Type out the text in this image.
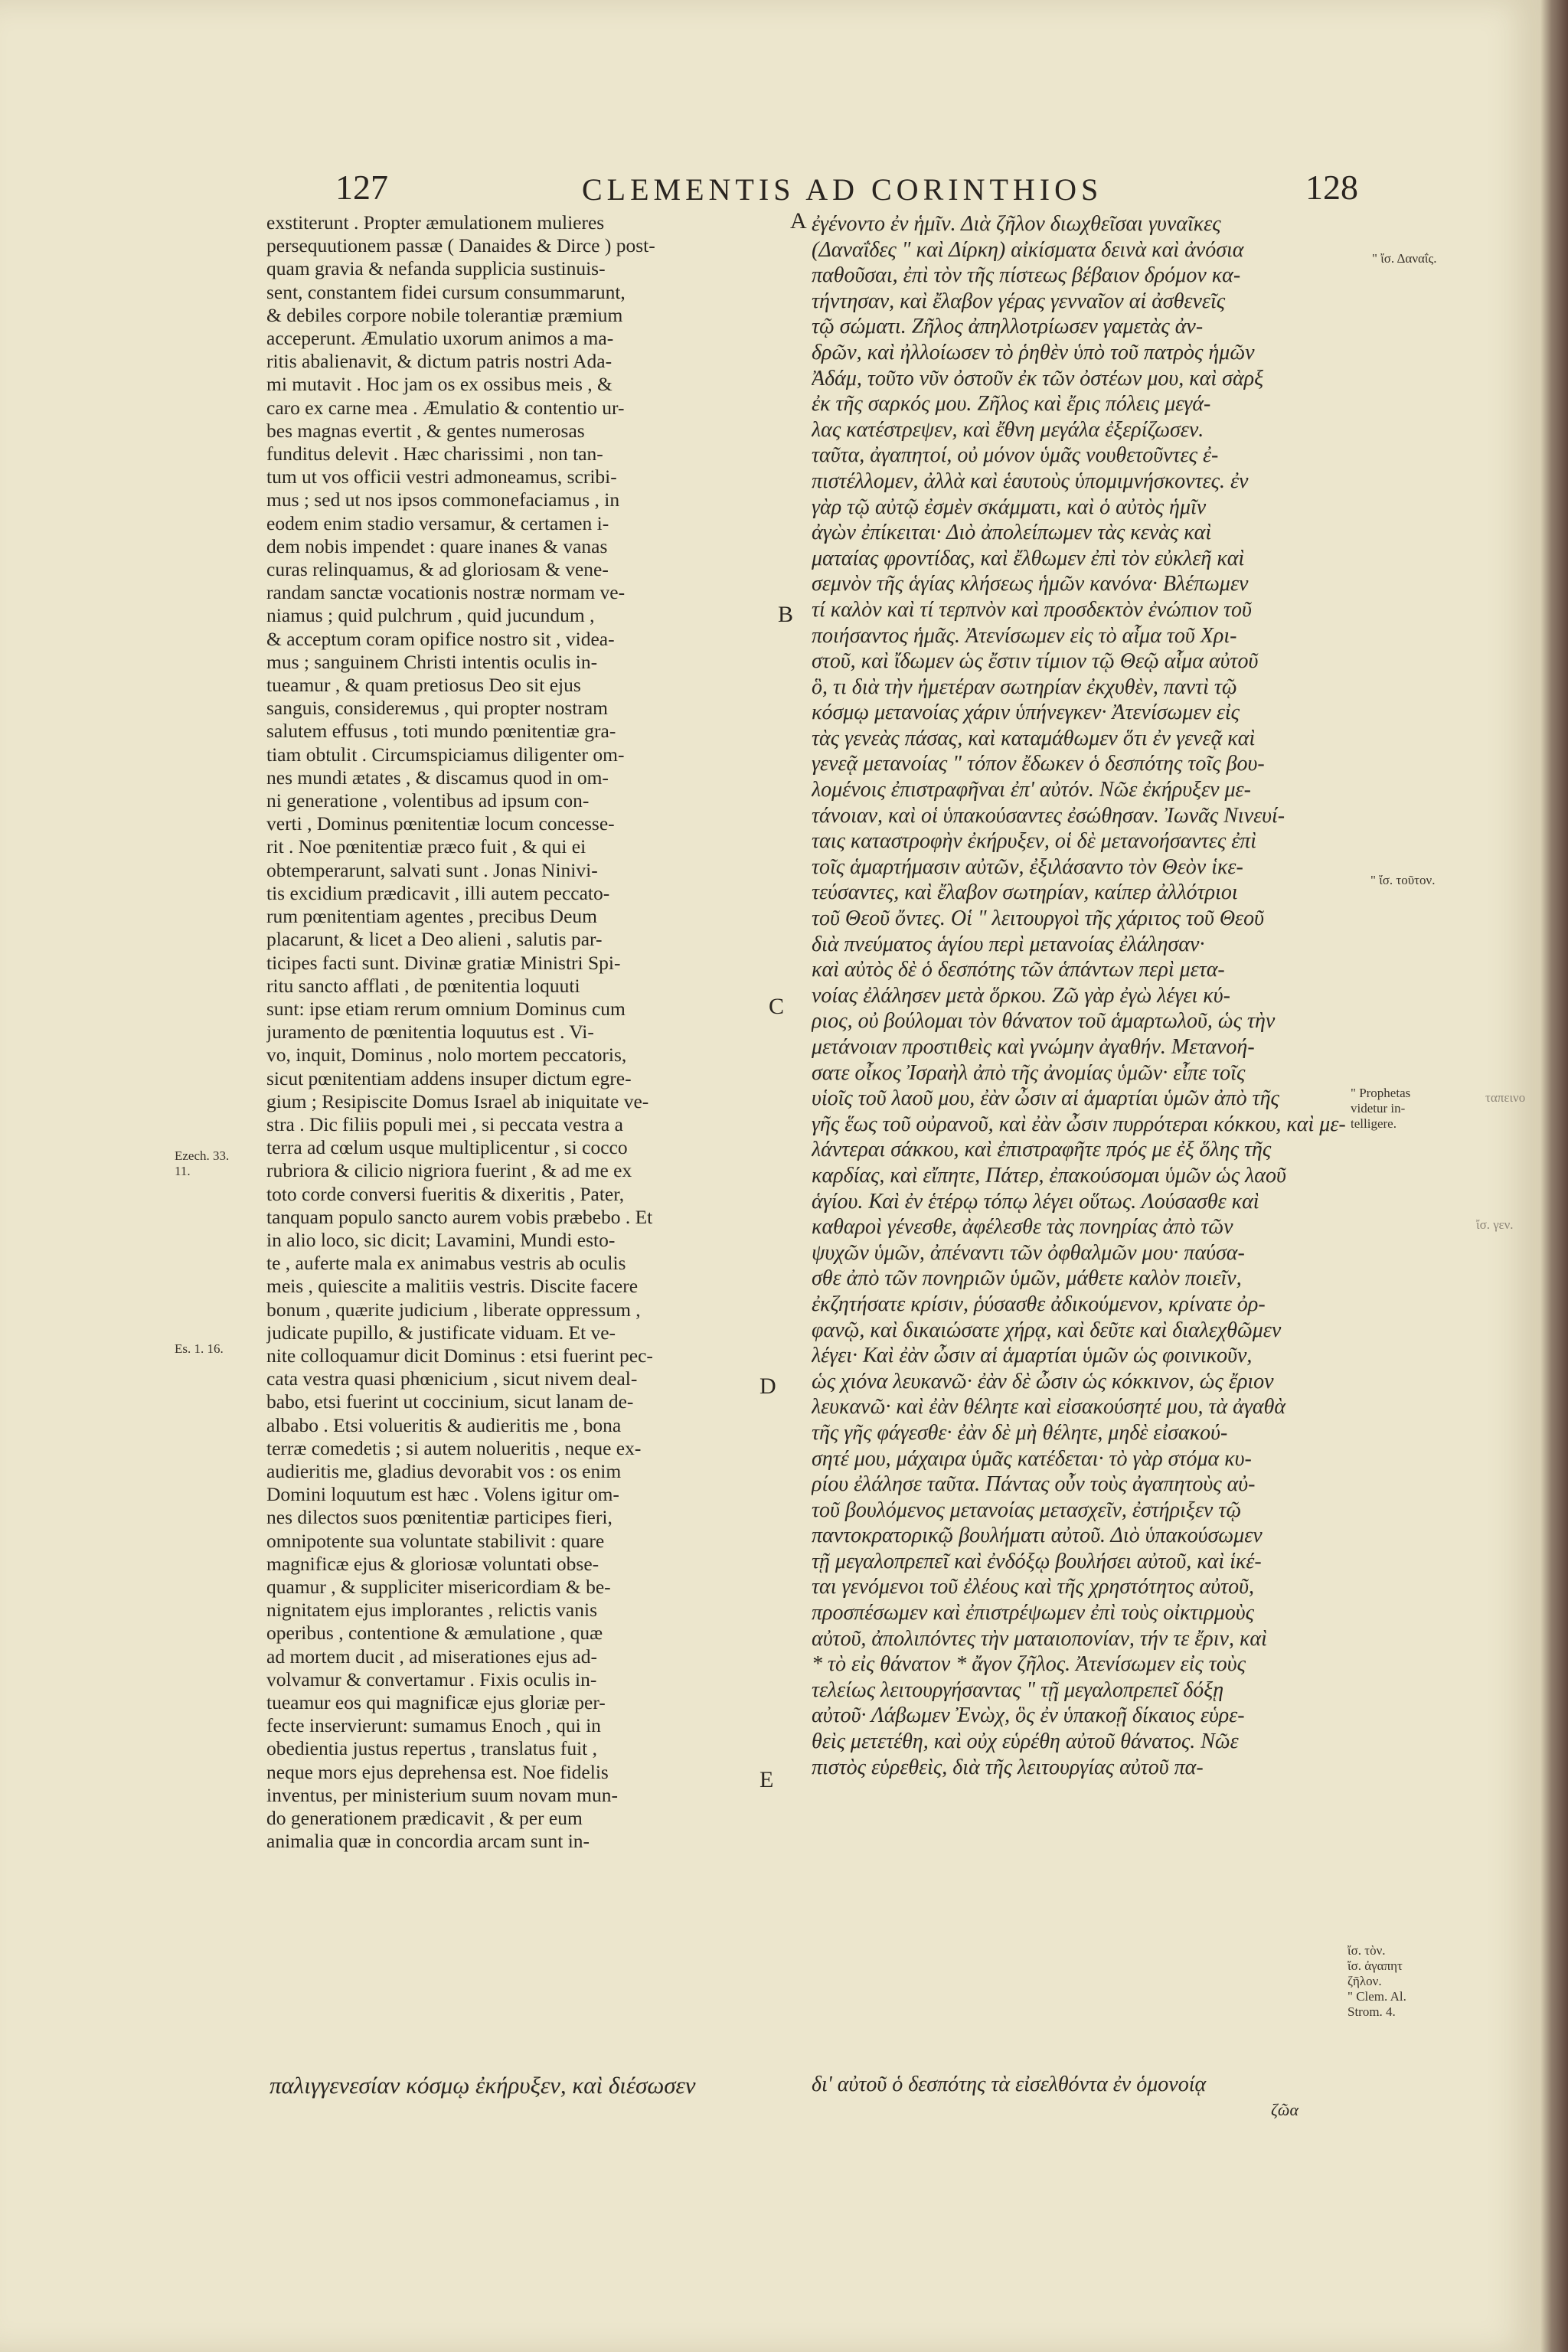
127	CLEMENTIS AD CORINTHIOS	128
exstiterunt . Propter æmulationem mulieres
persequutionem passæ ( Danaides & Dirce ) post-
quam gravia & nefanda supplicia sustinuis-
sent, constantem fidei cursum consummarunt,
& debiles corpore nobile tolerantiæ præmium
acceperunt. Æmulatio uxorum animos a ma-
ritis abalienavit, & dictum patris nostri Ada-
mi mutavit . Hoc jam os ex ossibus meis , &
caro ex carne mea . Æmulatio & contentio ur-
bes magnas evertit , & gentes numerosas
funditus delevit . Hæc charissimi , non tan-
tum ut vos officii vestri admoneamus, scribi-
mus ; sed ut nos ipsos commonefaciamus , in
eodem enim stadio versamur, & certamen i-
dem nobis impendet : quare inanes & vanas
curas relinquamus, & ad gloriosam & vene-
randam sanctæ vocationis nostræ normam ve-
niamus ; quid pulchrum , quid jucundum ,
& acceptum coram opifice nostro sit , videa-
mus ; sanguinem Christi intentis oculis in-
tueamur , & quam pretiosus Deo sit ejus
sanguis, considerемus , qui propter nostram
salutem effusus , toti mundo pœnitentiæ gra-
tiam obtulit . Circumspiciamus diligenter om-
nes mundi ætates , & discamus quod in om-
ni generatione , volentibus ad ipsum con-
verti , Dominus pœnitentiæ locum concesse-
rit . Noe pœnitentiæ præco fuit , & qui ei
obtemperarunt, salvati sunt . Jonas Ninivi-
tis excidium prædicavit , illi autem peccato-
rum pœnitentiam agentes , precibus Deum
placarunt, & licet a Deo alieni , salutis par-
ticipes facti sunt. Divinæ gratiæ Ministri Spi-
ritu sancto afflati , de pœnitentia loquuti
sunt: ipse etiam rerum omnium Dominus cum
juramento de pœnitentia loquutus est . Vi-
vo, inquit, Dominus , nolo mortem peccatoris,
sicut pœnitentiam addens insuper dictum egre-
gium ; Resipiscite Domus Israel ab iniquitate ve-
stra . Dic filiis populi mei , si peccata vestra a
terra ad cœlum usque multiplicentur , si cocco
rubriora & cilicio nigriora fuerint , & ad me ex
toto corde conversi fueritis & dixeritis , Pater,
tanquam populo sancto aurem vobis præbebo . Et
in alio loco, sic dicit; Lavamini, Mundi esto-
te , auferte mala ex animabus vestris ab oculis
meis , quiescite a malitiis vestris. Discite facere
bonum , quærite judicium , liberate oppressum ,
judicate pupillo, & justificate viduam. Et ve-
nite colloquamur dicit Dominus : etsi fuerint pec-
cata vestra quasi phœnicium , sicut nivem deal-
babo, etsi fuerint ut coccinium, sicut lanam de-
albabo . Etsi volueritis & audieritis me , bona
terræ comedetis ; si autem nolueritis , neque ex-
audieritis me, gladius devorabit vos : os enim
Domini loquutum est hæc . Volens igitur om-
nes dilectos suos pœnitentiæ participes fieri,
omnipotente sua voluntate stabilivit : quare
magnificæ ejus & gloriosæ voluntati obse-
quamur , & suppliciter misericordiam & be-
nignitatem ejus implorantes , relictis vanis
operibus , contentione & æmulatione , quæ
ad mortem ducit , ad miserationes ejus ad-
volvamur & convertamur . Fixis oculis in-
tueamur eos qui magnificæ ejus gloriæ per-
fecte inservierunt: sumamus Enoch , qui in
obedientia justus repertus , translatus fuit ,
neque mors ejus deprehensa est. Noe fidelis
inventus, per ministerium suum novam mun-
do generationem prædicavit , & per eum
animalia quæ in concordia arcam sunt in-
ἐγένοντο ἐν ἡμῖν. Διὰ ζῆλον διωχθεῖσαι γυναῖκες
(Δαναΐδες " καὶ Δίρκη) αἰκίσματα δεινὰ καὶ ἀνόσια
παθοῦσαι, ἐπὶ τὸν τῆς πίστεως βέβαιον δρόμον κα-
τήντησαν, καὶ ἔλαβον γέρας γενναῖον αἱ ἀσθενεῖς
τῷ σώματι. Ζῆλος ἀπηλλοτρίωσεν γαμετὰς ἀν-
δρῶν, καὶ ἠλλοίωσεν τὸ ῥηθὲν ὑπὸ τοῦ πατρὸς ἡμῶν
Ἀδάμ, τοῦτο νῦν ὀστοῦν ἐκ τῶν ὀστέων μου, καὶ σὰρξ
ἐκ τῆς σαρκός μου. Ζῆλος καὶ ἔρις πόλεις μεγά-
λας κατέστρεψεν, καὶ ἔθνη μεγάλα ἐξερίζωσεν.
ταῦτα, ἀγαπητοί, οὐ μόνον ὑμᾶς νουθετοῦντες ἐ-
πιστέλλομεν, ἀλλὰ καὶ ἑαυτοὺς ὑπομιμνήσκοντες. ἐν
γὰρ τῷ αὐτῷ ἐσμὲν σκάμματι, καὶ ὁ αὐτὸς ἡμῖν
ἀγὼν ἐπίκειται· Διὸ ἀπολείπωμεν τὰς κενὰς καὶ
ματαίας φροντίδας, καὶ ἔλθωμεν ἐπὶ τὸν εὐκλεῆ καὶ
σεμνὸν τῆς ἁγίας κλήσεως ἡμῶν κανόνα· Βλέπωμεν
τί καλὸν καὶ τί τερπνὸν καὶ προσδεκτὸν ἐνώπιον τοῦ
ποιήσαντος ἡμᾶς. Ἀτενίσωμεν εἰς τὸ αἷμα τοῦ Χρι-
στοῦ, καὶ ἴδωμεν ὡς ἔστιν τίμιον τῷ Θεῷ αἷμα αὐτοῦ
ὃ, τι διὰ τὴν ἡμετέραν σωτηρίαν ἐκχυθὲν, παντὶ τῷ
κόσμῳ μετανοίας χάριν ὑπήνεγκεν· Ἀτενίσωμεν εἰς
τὰς γενεὰς πάσας, καὶ καταμάθωμεν ὅτι ἐν γενεᾷ καὶ
γενεᾷ μετανοίας " τόπον ἔδωκεν ὁ δεσπότης τοῖς βου-
λομένοις ἐπιστραφῆναι ἐπ' αὐτόν. Νῶε ἐκήρυξεν με-
τάνοιαν, καὶ οἱ ὑπακούσαντες ἐσώθησαν. Ἰωνᾶς Νινευί-
ταις καταστροφὴν ἐκήρυξεν, οἱ δὲ μετανοήσαντες ἐπὶ
τοῖς ἁμαρτήμασιν αὐτῶν, ἐξιλάσαντο τὸν Θεὸν ἱκε-
τεύσαντες, καὶ ἔλαβον σωτηρίαν, καίπερ ἀλλότριοι
τοῦ Θεοῦ ὄντες. Οἱ " λειτουργοὶ τῆς χάριτος τοῦ Θεοῦ
διὰ πνεύματος ἁγίου περὶ μετανοίας ἐλάλησαν·
καὶ αὐτὸς δὲ ὁ δεσπότης τῶν ἁπάντων περὶ μετα-
νοίας ἐλάλησεν μετὰ ὅρκου. Ζῶ γὰρ ἐγὼ λέγει κύ-
ριος, οὐ βούλομαι τὸν θάνατον τοῦ ἁμαρτωλοῦ, ὡς τὴν
μετάνοιαν προστιθεὶς καὶ γνώμην ἀγαθήν. Μετανοή-
σατε οἶκος Ἰσραὴλ ἀπὸ τῆς ἀνομίας ὑμῶν· εἶπε τοῖς
υἱοῖς τοῦ λαοῦ μου, ἐὰν ὦσιν αἱ ἁμαρτίαι ὑμῶν ἀπὸ τῆς
γῆς ἕως τοῦ οὐρανοῦ, καὶ ἐὰν ὦσιν πυρρότεραι κόκκου, καὶ με-
λάντεραι σάκκου, καὶ ἐπιστραφῆτε πρός με ἐξ ὅλης τῆς
καρδίας, καὶ εἴπητε, Πάτερ, ἐπακούσομαι ὑμῶν ὡς λαοῦ
ἁγίου. Καὶ ἐν ἑτέρῳ τόπῳ λέγει οὕτως. Λούσασθε καὶ
καθαροὶ γένεσθε, ἀφέλεσθε τὰς πονηρίας ἀπὸ τῶν
ψυχῶν ὑμῶν, ἀπέναντι τῶν ὀφθαλμῶν μου· παύσα-
σθε ἀπὸ τῶν πονηριῶν ὑμῶν, μάθετε καλὸν ποιεῖν,
ἐκζητήσατε κρίσιν, ῥύσασθε ἀδικούμενον, κρίνατε ὀρ-
φανῷ, καὶ δικαιώσατε χήρᾳ, καὶ δεῦτε καὶ διαλεχθῶμεν
λέγει· Καὶ ἐὰν ὦσιν αἱ ἁμαρτίαι ὑμῶν ὡς φοινικοῦν,
ὡς χιόνα λευκανῶ· ἐὰν δὲ ὦσιν ὡς κόκκινον, ὡς ἔριον
λευκανῶ· καὶ ἐὰν θέλητε καὶ εἰσακούσητέ μου, τὰ ἀγαθὰ
τῆς γῆς φάγεσθε· ἐὰν δὲ μὴ θέλητε, μηδὲ εἰσακού-
σητέ μου, μάχαιρα ὑμᾶς κατέδεται· τὸ γὰρ στόμα κυ-
ρίου ἐλάλησε ταῦτα. Πάντας οὖν τοὺς ἀγαπητοὺς αὐ-
τοῦ βουλόμενος μετανοίας μετασχεῖν, ἐστήριξεν τῷ
παντοκρατορικῷ βουλήματι αὐτοῦ. Διὸ ὑπακούσωμεν
τῇ μεγαλοπρεπεῖ καὶ ἐνδόξῳ βουλήσει αὐτοῦ, καὶ ἱκέ-
ται γενόμενοι τοῦ ἐλέους καὶ τῆς χρηστότητος αὐτοῦ,
προσπέσωμεν καὶ ἐπιστρέψωμεν ἐπὶ τοὺς οἰκτιρμοὺς
αὐτοῦ, ἀπολιπόντες τὴν ματαιοπονίαν, τήν τε ἔριν, καὶ
* τὸ εἰς θάνατον * ἄγον ζῆλος. Ἀτενίσωμεν εἰς τοὺς
τελείως λειτουργήσαντας " τῇ μεγαλοπρεπεῖ δόξῃ
αὐτοῦ· Λάβωμεν Ἐνὼχ, ὃς ἐν ὑπακοῇ δίκαιος εὑρε-
θεὶς μετετέθη, καὶ οὐχ εὑρέθη αὐτοῦ θάνατος. Νῶε
πιστὸς εὑρεθεὶς, διὰ τῆς λειτουργίας αὐτοῦ πα-
παλιγγενεσίαν κόσμῳ ἐκήρυξεν, καὶ διέσωσεν	δι' αὐτοῦ ὁ δεσπότης τὰ εἰσελθόντα ἐν ὁμονοίᾳ
ζῶα
A
B
C
D
E
Ezech. 33.
11.
Es. 1. 16.
" ἴσ. Δαναΐς.
" ἴσ. τοῦτον.
" Prophetas
videtur in-
telligere.
ταπεινο
ἴσ. γεν.
ἴσ. τὸν.
ἴσ. ἀγαπητ
ζῆλον.
" Clem. Al.
Strom. 4.
